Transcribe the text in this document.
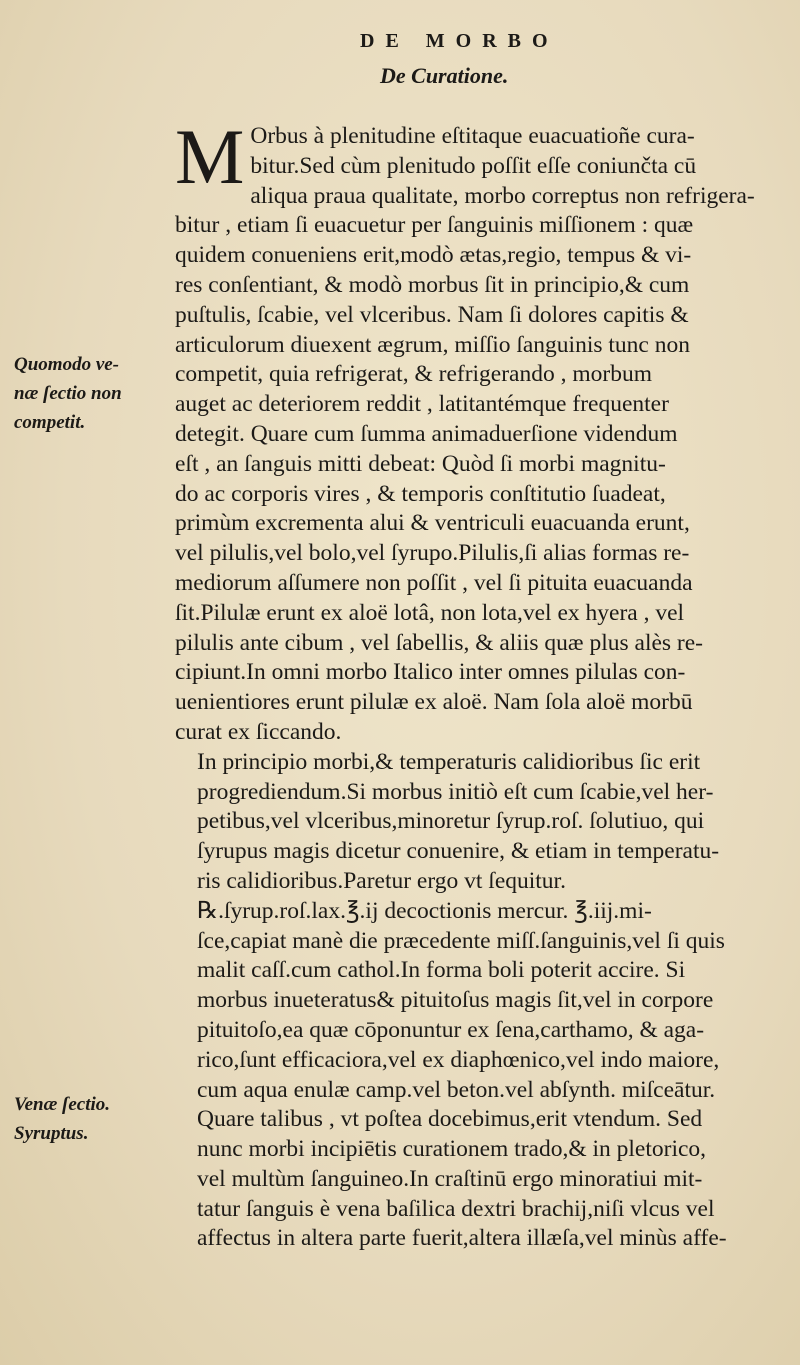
DE MORBO
De Curatione.
Quomodo ve-
næ ſectio non
competit.
Venæ ſectio.
Syruptus.

M Orbus à plenitudine eſtitaque euacuatioñe cura-
bitur.Sed cùm plenitudo poſſit eſſe coniunčta cū
aliqua praua qualitate, morbo correptus non refrigera-
bitur , etiam ſi euacuetur per ſanguinis miſſionem : quæ
quidem conueniens erit,modò ætas,regio, tempus & vi-
res conſentiant, & modò morbus ſit in principio,& cum
puſtulis, ſcabie, vel vlceribus. Nam ſi dolores capitis &
articulorum diuexent ægrum, miſſio ſanguinis tunc non
competit, quia refrigerat, & refrigerando , morbum
auget ac deteriorem reddit , latitantémque frequenter
detegit. Quare cum ſumma animaduerſione videndum
eſt , an ſanguis mitti debeat: Quòd ſi morbi magnitu-
do ac corporis vires , & temporis conſtitutio ſuadeat,
primùm excrementa alui & ventriculi euacuanda erunt,
vel pilulis,vel bolo,vel ſyrupo.Pilulis,ſi alias formas re-
mediorum aſſumere non poſſit , vel ſi pituita euacuanda
ſit.Pilulæ erunt ex aloë lotâ, non lota,vel ex hyera , vel
pilulis ante cibum , vel ſabellis, & aliis quæ plus alès re-
cipiunt.In omni morbo Italico inter omnes pilulas con-
uenientiores erunt pilulæ ex aloë. Nam ſola aloë morbū
curat ex ſiccando.

In principio morbi,& temperaturis calidioribus ſic erit
progrediendum.Si morbus initiò eſt cum ſcabie,vel her-
petibus,vel vlceribus,minoretur ſyrup.roſ. ſolutiuo, qui
ſyrupus magis dicetur conuenire, & etiam in temperatu-
ris calidioribus.Paretur ergo vt ſequitur.
℞.ſyrup.roſ.lax.℥.ij decoctionis mercur. ℥.iij.mi-
ſce,capiat manè die præcedente miſſ.ſanguinis,vel ſi quis
malit caſſ.cum cathol.In forma boli poterit accire. Si
morbus inueteratus& pituitoſus magis ſit,vel in corpore
pituitoſo,ea quæ cōponuntur ex ſena,carthamo, & aga-
rico,ſunt efficaciora,vel ex diaphœnico,vel indo maiore,
cum aqua enulæ camp.vel beton.vel abſynth. miſceātur.
Quare talibus , vt poſtea docebimus,erit vtendum. Sed
nunc morbi incipiētis curationem trado,& in pletorico,
vel multùm ſanguineo.In craſtinū ergo minoratiui mit-
tatur ſanguis è vena baſilica dextri brachij,niſi vlcus vel
affectus in altera parte fuerit,altera illæſa,vel minùs affe-
